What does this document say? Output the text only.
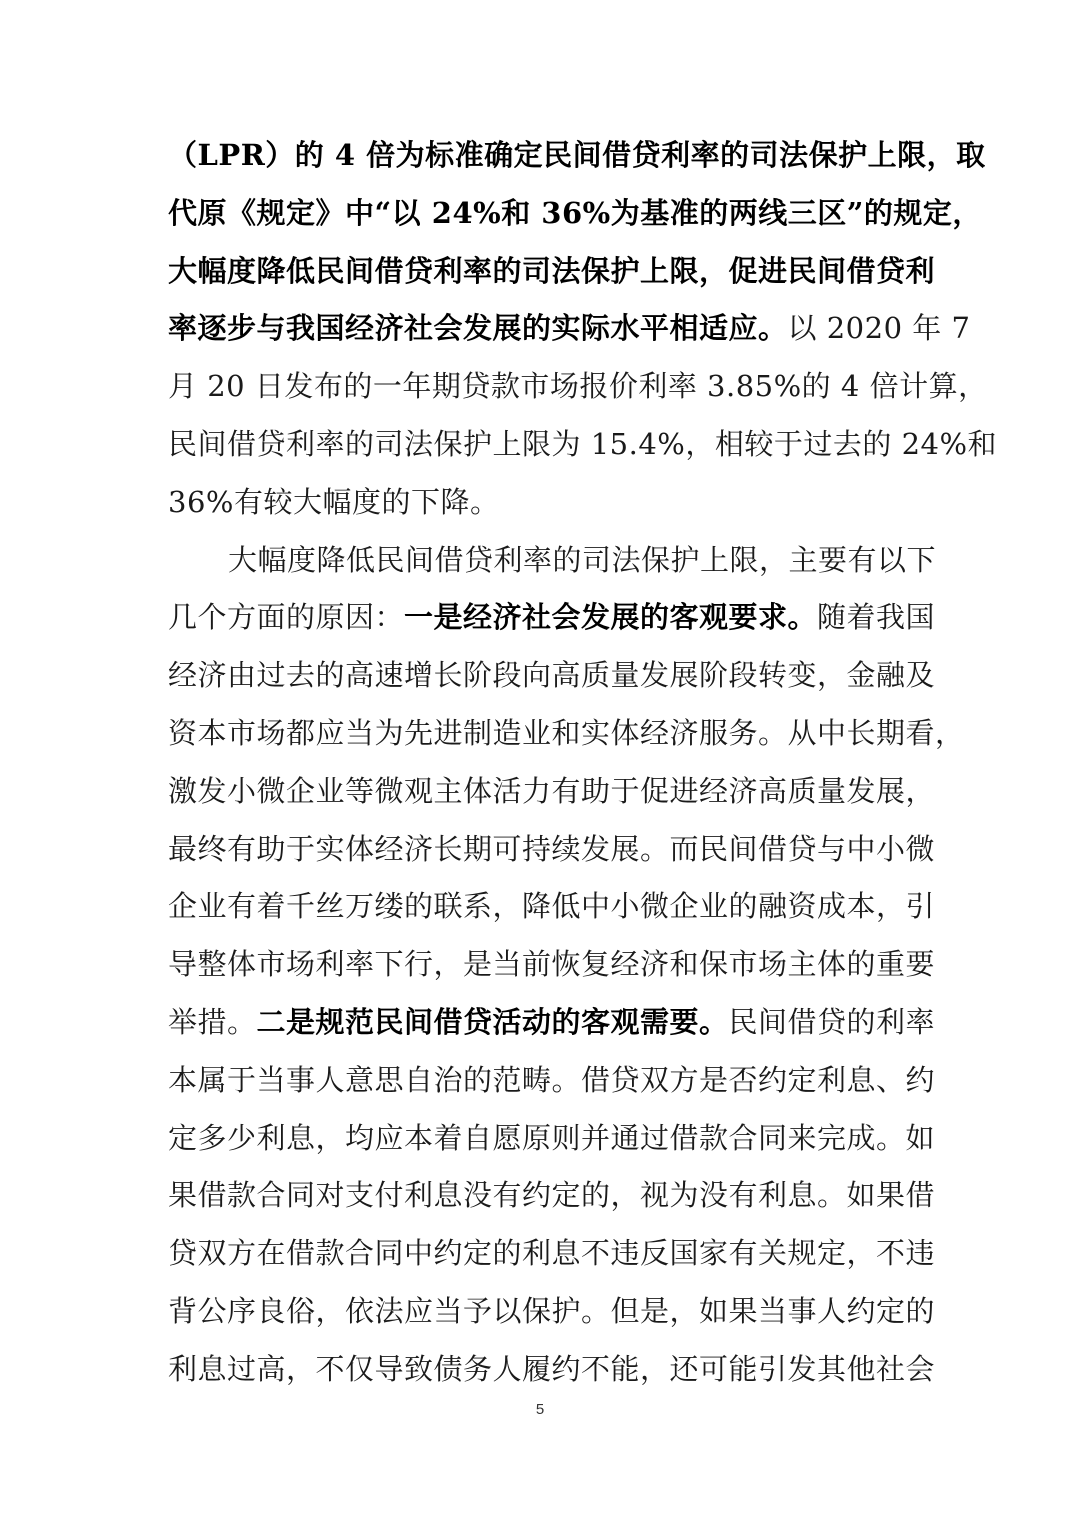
（LPR）的 4 倍为标准确定民间借贷利率的司法保护上限，取
代原《规定》中“以 24%和 36%为基准的两线三区”的规定，
大幅度降低民间借贷利率的司法保护上限，促进民间借贷利
率逐步与我国经济社会发展的实际水平相适应。以 2020 年 7
月 20 日发布的一年期贷款市场报价利率 3.85%的 4 倍计算，
民间借贷利率的司法保护上限为 15.4%，相较于过去的 24%和
36%有较大幅度的下降。
大幅度降低民间借贷利率的司法保护上限，主要有以下
几个方面的原因：一是经济社会发展的客观要求。随着我国
经济由过去的高速增长阶段向高质量发展阶段转变，金融及
资本市场都应当为先进制造业和实体经济服务。从中长期看，
激发小微企业等微观主体活力有助于促进经济高质量发展，
最终有助于实体经济长期可持续发展。而民间借贷与中小微
企业有着千丝万缕的联系，降低中小微企业的融资成本，引
导整体市场利率下行，是当前恢复经济和保市场主体的重要
举措。二是规范民间借贷活动的客观需要。民间借贷的利率
本属于当事人意思自治的范畴。借贷双方是否约定利息、约
定多少利息，均应本着自愿原则并通过借款合同来完成。如
果借款合同对支付利息没有约定的，视为没有利息。如果借
贷双方在借款合同中约定的利息不违反国家有关规定，不违
背公序良俗，依法应当予以保护。但是，如果当事人约定的
利息过高，不仅导致债务人履约不能，还可能引发其他社会
5
